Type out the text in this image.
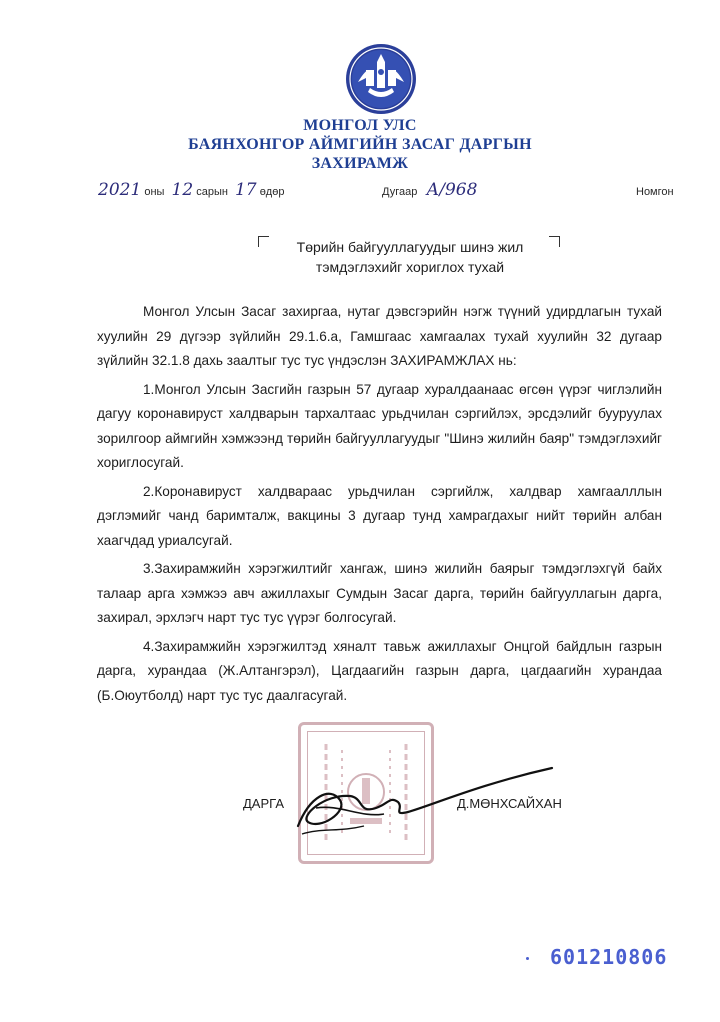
МОНГОЛ УЛС
БАЯНХОНГОР АЙМГИЙН ЗАСАГ ДАРГЫН
ЗАХИРАМЖ
2021 оны 12 сарын 17 өдөр	Дугаар А/968	Номгон
Төрийн байгууллагуудыг шинэ жил
тэмдэглэхийг хориглох тухай

Монгол Улсын Засаг захиргаа, нутаг дэвсгэрийн нэгж түүний удирдлагын тухай хуулийн 29 дүгээр зүйлийн 29.1.6.а, Гамшгаас хамгаалах тухай хуулийн 32 дугаар зүйлийн 32.1.8 дахь заалтыг тус тус үндэслэн ЗАХИРАМЖЛАХ нь:

1.Монгол Улсын Засгийн газрын 57 дугаар хуралдаанаас өгсөн үүрэг чиглэлийн дагуу коронавируст халдварын тархалтаас урьдчилан сэргийлэх, эрсдэлийг бууруулах зорилгоор аймгийн хэмжээнд төрийн байгууллагуудыг "Шинэ жилийн баяр" тэмдэглэхийг хориглосугай.

2.Коронавируст халдвараас урьдчилан сэргийлж, халдвар хамгаалллын дэглэмийг чанд баримталж, вакцины 3 дугаар тунд хамрагдахыг нийт төрийн албан хаагчдад уриалсугай.

3.Захирамжийн хэрэгжилтийг хангаж, шинэ жилийн баярыг тэмдэглэхгүй байх талаар арга хэмжээ авч ажиллахыг Сумдын Засаг дарга, төрийн байгууллагын дарга, захирал, эрхлэгч нарт тус тус үүрэг болгосугай.

4.Захирамжийн хэрэгжилтэд хяналт тавьж ажиллахыг Онцгой байдлын газрын дарга, хурандаа (Ж.Алтангэрэл), Цагдаагийн газрын дарга, цагдаагийн хурандаа (Б.Оюутболд) нарт тус тус даалгасугай.

ДАРГА	Д.МӨНХСАЙХАН
601210806
